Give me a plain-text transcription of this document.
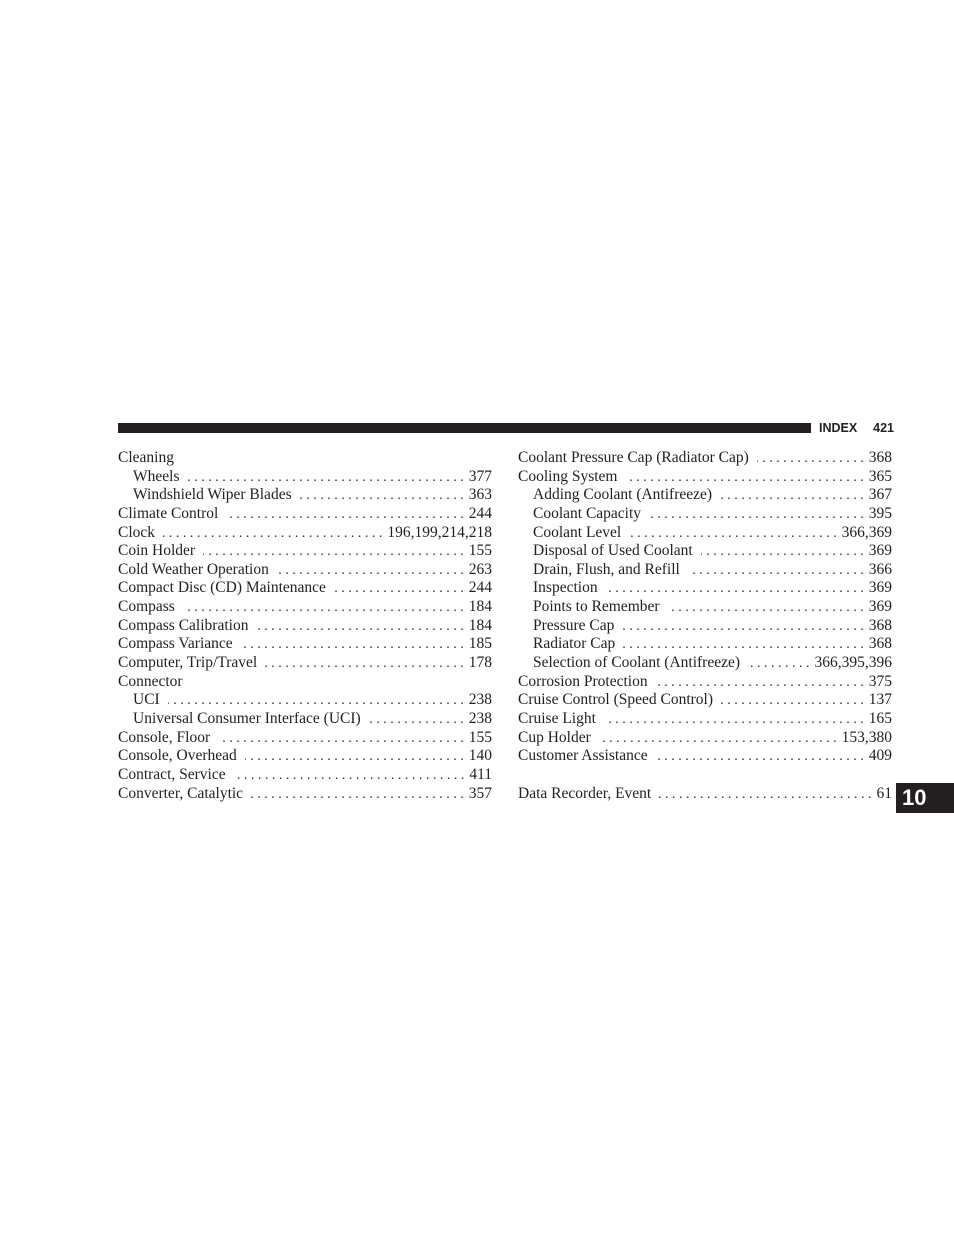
INDEX 421
Cleaning
Wheels . . .	377
Windshield Wiper Blades . . .	363
Climate Control . . .	244
Clock . . .	196,199,214,218
Coin Holder . . .	155
Cold Weather Operation . . .	263
Compact Disc (CD) Maintenance . . .	244
Compass . . .	184
Compass Calibration . . .	184
Compass Variance . . .	185
Computer, Trip/Travel . . .	178
Connector
UCI . . .	238
Universal Consumer Interface (UCI) . . .	238
Console, Floor . . .	155
Console, Overhead . . .	140
Contract, Service . . .	411
Converter, Catalytic . . .	357
Coolant Pressure Cap (Radiator Cap) . . .	368
Cooling System . . .	365
Adding Coolant (Antifreeze) . . .	367
Coolant Capacity . . .	395
Coolant Level . . .	366,369
Disposal of Used Coolant . . .	369
Drain, Flush, and Refill . . .	366
Inspection . . .	369
Points to Remember . . .	369
Pressure Cap . . .	368
Radiator Cap . . .	368
Selection of Coolant (Antifreeze) . . .	366,395,396
Corrosion Protection . . .	375
Cruise Control (Speed Control) . . .	137
Cruise Light . . .	165
Cup Holder . . .	153,380
Customer Assistance . . .	409
Data Recorder, Event . . .	61 10
